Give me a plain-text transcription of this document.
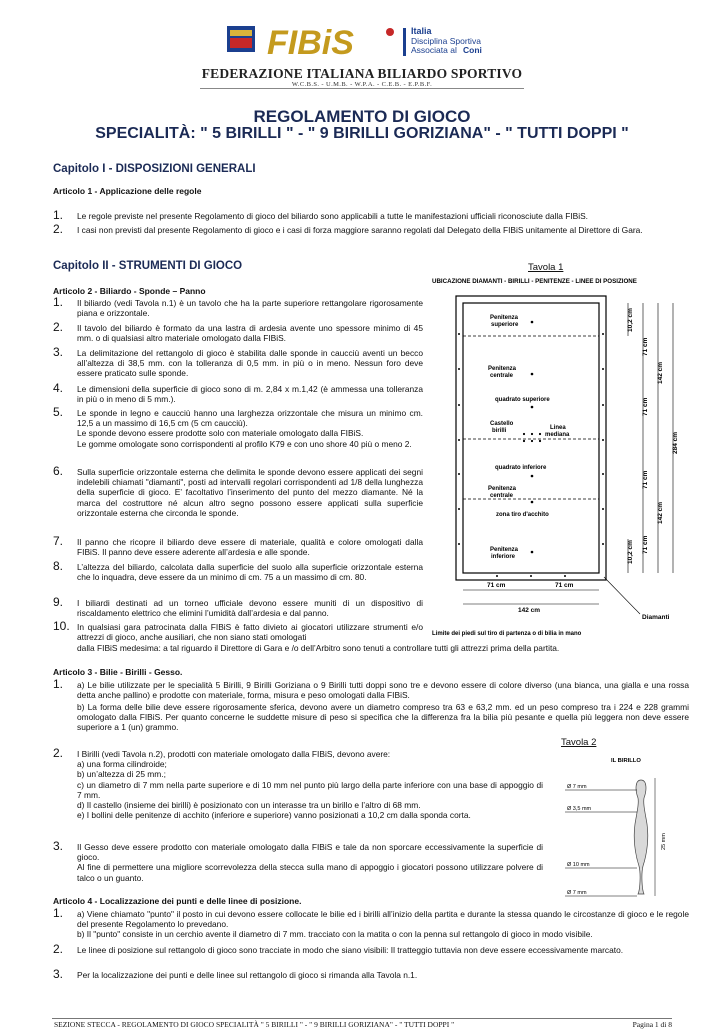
FIBiS	Italia
Disciplina Sportiva
Associata al Coni
FEDERAZIONE ITALIANA BILIARDO SPORTIVO
W.C.B.S. - U.M.B. - W.P.A. - C.E.B. - E.P.B.F.
REGOLAMENTO DI GIOCO
SPECIALITÀ: " 5 BIRILLI " - " 9 BIRILLI GORIZIANA" - " TUTTI DOPPI "
Capitolo I - DISPOSIZIONI GENERALI
Articolo 1 - Applicazione delle regole
1.	Le regole previste nel presente Regolamento di gioco del biliardo sono applicabili a tutte le manifestazioni ufficiali riconosciute dalla FIBiS.
2.	I casi non previsti dal presente Regolamento di gioco e i casi di forza maggiore saranno regolati dal Delegato della FIBiS unitamente al Direttore di Gara.
Capitolo II - STRUMENTI DI GIOCO	Tavola 1
Articolo 2 - Biliardo - Sponde – Panno
1.	Il biliardo (vedi Tavola n.1) è un tavolo che ha la parte superiore rettangolare rigorosamente piana e orizzontale.
2.	Il tavolo del biliardo è formato da una lastra di ardesia avente uno spessore minimo di 45 mm. o di qualsiasi altro materiale omologato dalla FIBiS.
3.	La delimitazione del rettangolo di gioco è stabilita dalle sponde in caucciù aventi un becco all’altezza di 38,5 mm. con la tolleranza di 0,5 mm. in più o in meno. Nessun foro deve essere praticato sulle sponde.
4.	Le dimensioni della superficie di gioco sono di m. 2,84 x m.1,42 (è ammessa una tolleranza in più o in meno di 5 mm.).
5.	Le sponde in legno e caucciù hanno una larghezza orizzontale che misura un minimo cm. 12,5 a un massimo di 16,5 cm (5 cm caucciù).
Le sponde devono essere prodotte solo con materiale omologato dalla FIBiS.
Le gomme omologate sono corrispondenti al profilo K79 e con uno shore 40 più o meno 2.
6.	Sulla superficie orizzontale esterna che delimita le sponde devono essere applicati dei segni indelebili chiamati "diamanti", posti ad intervalli regolari corrispondenti ad 1/8 della lunghezza della superficie di gioco. E’ facoltativo l’inserimento del punto del mezzo diamante. Né la marca del costruttore né alcun altro segno possono essere applicati sulla superficie orizzontale esterna che circonda le sponde.
7.	Il panno che ricopre il biliardo deve essere di materiale, qualità e colore omologati dalla FIBiS. Il panno deve essere aderente all’ardesia e alle sponde.
8.	L’altezza del biliardo, calcolata dalla superficie del suolo alla superficie orizzontale esterna che lo inquadra, deve essere da un minimo di cm. 75 a un massimo di cm. 80.
9.	I biliardi destinati ad un torneo ufficiale devono essere muniti di un dispositivo di riscaldamento elettrico che elimini l’umidità dall’ardesia e dal panno.
10. In qualsiasi gara patrocinata dalla FIBiS è fatto divieto ai giocatori utilizzare strumenti e/o attrezzi di gioco, anche ausiliari, che non siano stati omologati
dalla FIBiS medesima: a tal riguardo il Direttore di Gara e /o dell’Arbitro sono tenuti a controllare tutti gli attrezzi prima della partita.
UBICAZIONE DIAMANTI - BIRILLI - PENITENZE - LINEE DI POSIZIONE
Penitenza
superiore
Penitenza
centrale
quadrato superiore
Castello
birilli	Linea
mediana
quadrato inferiore
Penitenza
centrale
zona tiro d'acchito
Penitenza
inferiore
10,2 cm
71 cm
142 cm
284 cm
71 cm
71 cm
142 cm
71 cm
10,2 cm
71 cm	71 cm
142 cm
Diamanti
Limite dei piedi sul tiro di partenza o di bilia in mano
Articolo 3 - Bilie - Birilli - Gesso.
1.	a) Le bilie utilizzate per le specialità 5 Birilli, 9 Birilli Goriziana o 9 Birilli tutti doppi sono tre e devono essere di colore diverso (una bianca, una gialla e una rossa detta anche pallino) e prodotte con materiale, forma, misura e peso omologati dalla FIBiS.
b) La forma delle bilie deve essere rigorosamente sferica, devono avere un diametro compreso tra 63 e 63,2 mm. ed un peso compreso tra i 224 e 228 grammi omologato dalla FIBiS. Per quanto concerne le suddette misure di peso si specifica che la differenza fra la bilia più pesante e quella più leggera non deve essere superiore a 1 (un) grammo.
Tavola 2
2.	I Birilli (vedi Tavola n.2), prodotti con materiale omologato dalla FIBiS, devono avere:
a) una forma cilindroide;
b) un’altezza di 25 mm.;
c) un diametro di 7 mm nella parte superiore e di 10 mm nel punto più largo della parte inferiore con una base di appoggio di 7 mm.
d) Il castello (insieme dei birilli) è posizionato con un interasse tra un birillo e l’altro di 68 mm.
e) I bollini delle penitenze di acchito (inferiore e superiore) vanno posizionati a 10,2 cm dalla sponda corta.
3.	Il Gesso deve essere prodotto con materiale omologato dalla FIBiS e tale da non sporcare eccessivamente la superficie di gioco.
Al fine di permettere una migliore scorrevolezza della stecca sulla mano di appoggio i giocatori possono utilizzare polvere di talco o un guanto.
IL BIRILLO
Ø 7 mm
Ø 3,5 mm
Ø 10 mm
Ø 7 mm
25 mm
Articolo 4 - Localizzazione dei punti e delle linee di posizione.
1.	a) Viene chiamato "punto" il posto in cui devono essere collocate le bilie ed i birilli all’inizio della partita e durante la stessa quando le circostanze di gioco e le regole del presente Regolamento lo prevedano.
b) Il "punto" consiste in un cerchio avente il diametro di 7 mm. tracciato con la matita o con la penna sul rettangolo di gioco in modo visibile.
2.	Le linee di posizione sul rettangolo di gioco sono tracciate in modo che siano visibili: Il tratteggio tuttavia non deve essere eccessivamente marcato.
3.	Per la localizzazione dei punti e delle linee sul rettangolo di gioco si rimanda alla Tavola n.1.
SEZIONE STECCA - REGOLAMENTO DI GIOCO SPECIALITÀ " 5 BIRILLI " - " 9 BIRILLI GORIZIANA" - " TUTTI DOPPI "	Pagina 1 di 8
